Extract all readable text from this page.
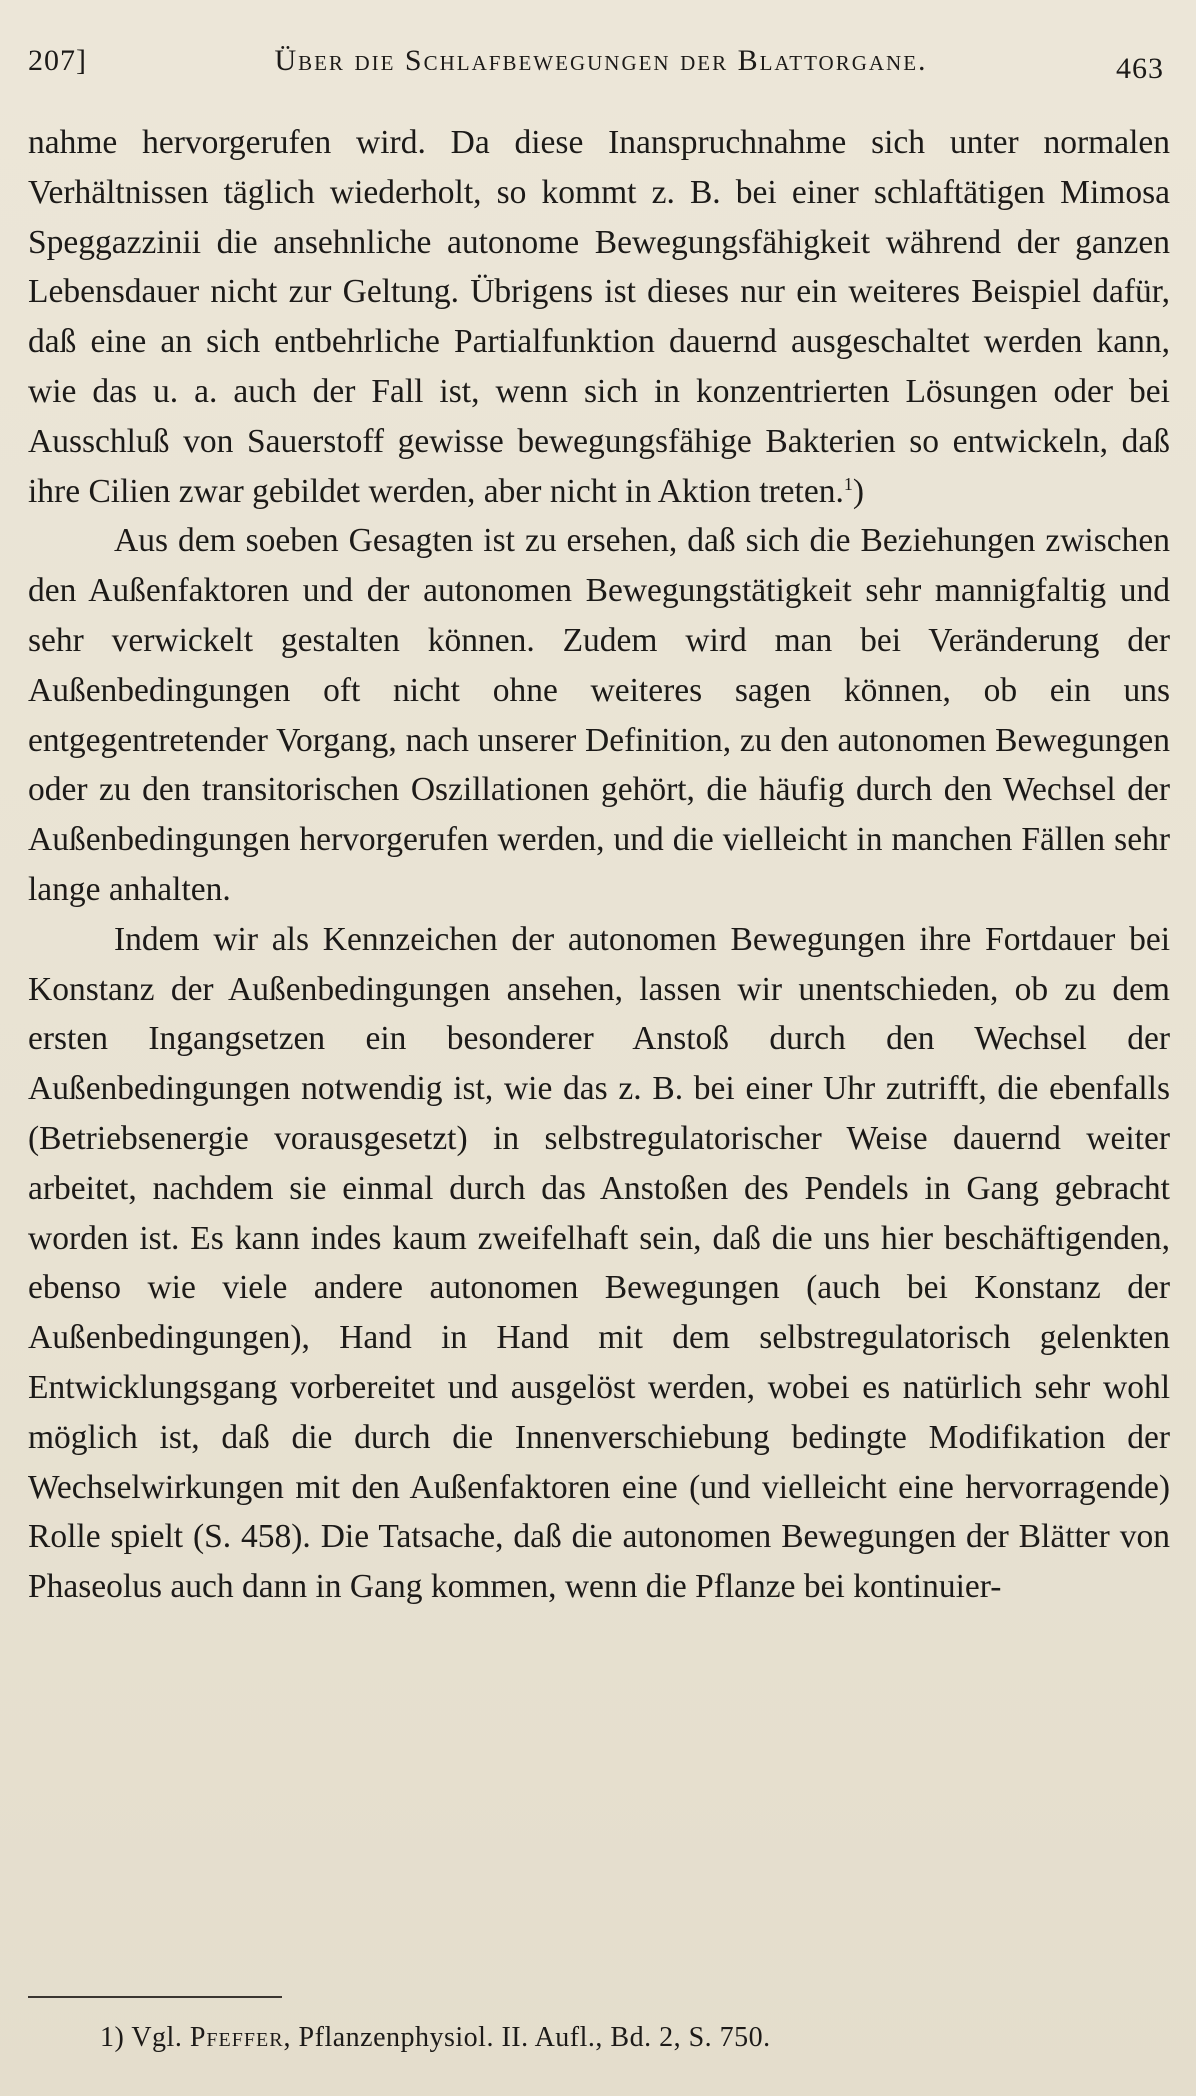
207]	Über die Schlafbewegungen der Blattorgane.	463

nahme hervorgerufen wird. Da diese Inanspruchnahme sich unter normalen Verhältnissen täglich wiederholt, so kommt z. B. bei einer schlaftätigen Mimosa Speggazzinii die ansehnliche autonome Bewegungsfähigkeit während der ganzen Lebensdauer nicht zur Geltung. Übrigens ist dieses nur ein weiteres Beispiel dafür, daß eine an sich entbehrliche Partialfunktion dauernd ausgeschaltet werden kann, wie das u. a. auch der Fall ist, wenn sich in konzentrierten Lösungen oder bei Ausschluß von Sauerstoff gewisse bewegungsfähige Bakterien so entwickeln, daß ihre Cilien zwar gebildet werden, aber nicht in Aktion treten.$^1$)

Aus dem soeben Gesagten ist zu ersehen, daß sich die Beziehungen zwischen den Außenfaktoren und der autonomen Bewegungstätigkeit sehr mannigfaltig und sehr verwickelt gestalten können. Zudem wird man bei Veränderung der Außenbedingungen oft nicht ohne weiteres sagen können, ob ein uns entgegentretender Vorgang, nach unserer Definition, zu den autonomen Bewegungen oder zu den transitorischen Oszillationen gehört, die häufig durch den Wechsel der Außenbedingungen hervorgerufen werden, und die vielleicht in manchen Fällen sehr lange anhalten.

Indem wir als Kennzeichen der autonomen Bewegungen ihre Fortdauer bei Konstanz der Außenbedingungen ansehen, lassen wir unentschieden, ob zu dem ersten Ingangsetzen ein besonderer Anstoß durch den Wechsel der Außenbedingungen notwendig ist, wie das z. B. bei einer Uhr zutrifft, die ebenfalls (Betriebsenergie vorausgesetzt) in selbstregulatorischer Weise dauernd weiter arbeitet, nachdem sie einmal durch das Anstoßen des Pendels in Gang gebracht worden ist. Es kann indes kaum zweifelhaft sein, daß die uns hier beschäftigenden, ebenso wie viele andere autonomen Bewegungen (auch bei Konstanz der Außenbedingungen), Hand in Hand mit dem selbstregulatorisch gelenkten Entwicklungsgang vorbereitet und ausgelöst werden, wobei es natürlich sehr wohl möglich ist, daß die durch die Innenverschiebung bedingte Modifikation der Wechselwirkungen mit den Außenfaktoren eine (und vielleicht eine hervorragende) Rolle spielt (S. 458). Die Tatsache, daß die autonomen Bewegungen der Blätter von Phaseolus auch dann in Gang kommen, wenn die Pflanze bei kontinuier-

1) Vgl. Pfeffer, Pflanzenphysiol. II. Aufl., Bd. 2, S. 750.
